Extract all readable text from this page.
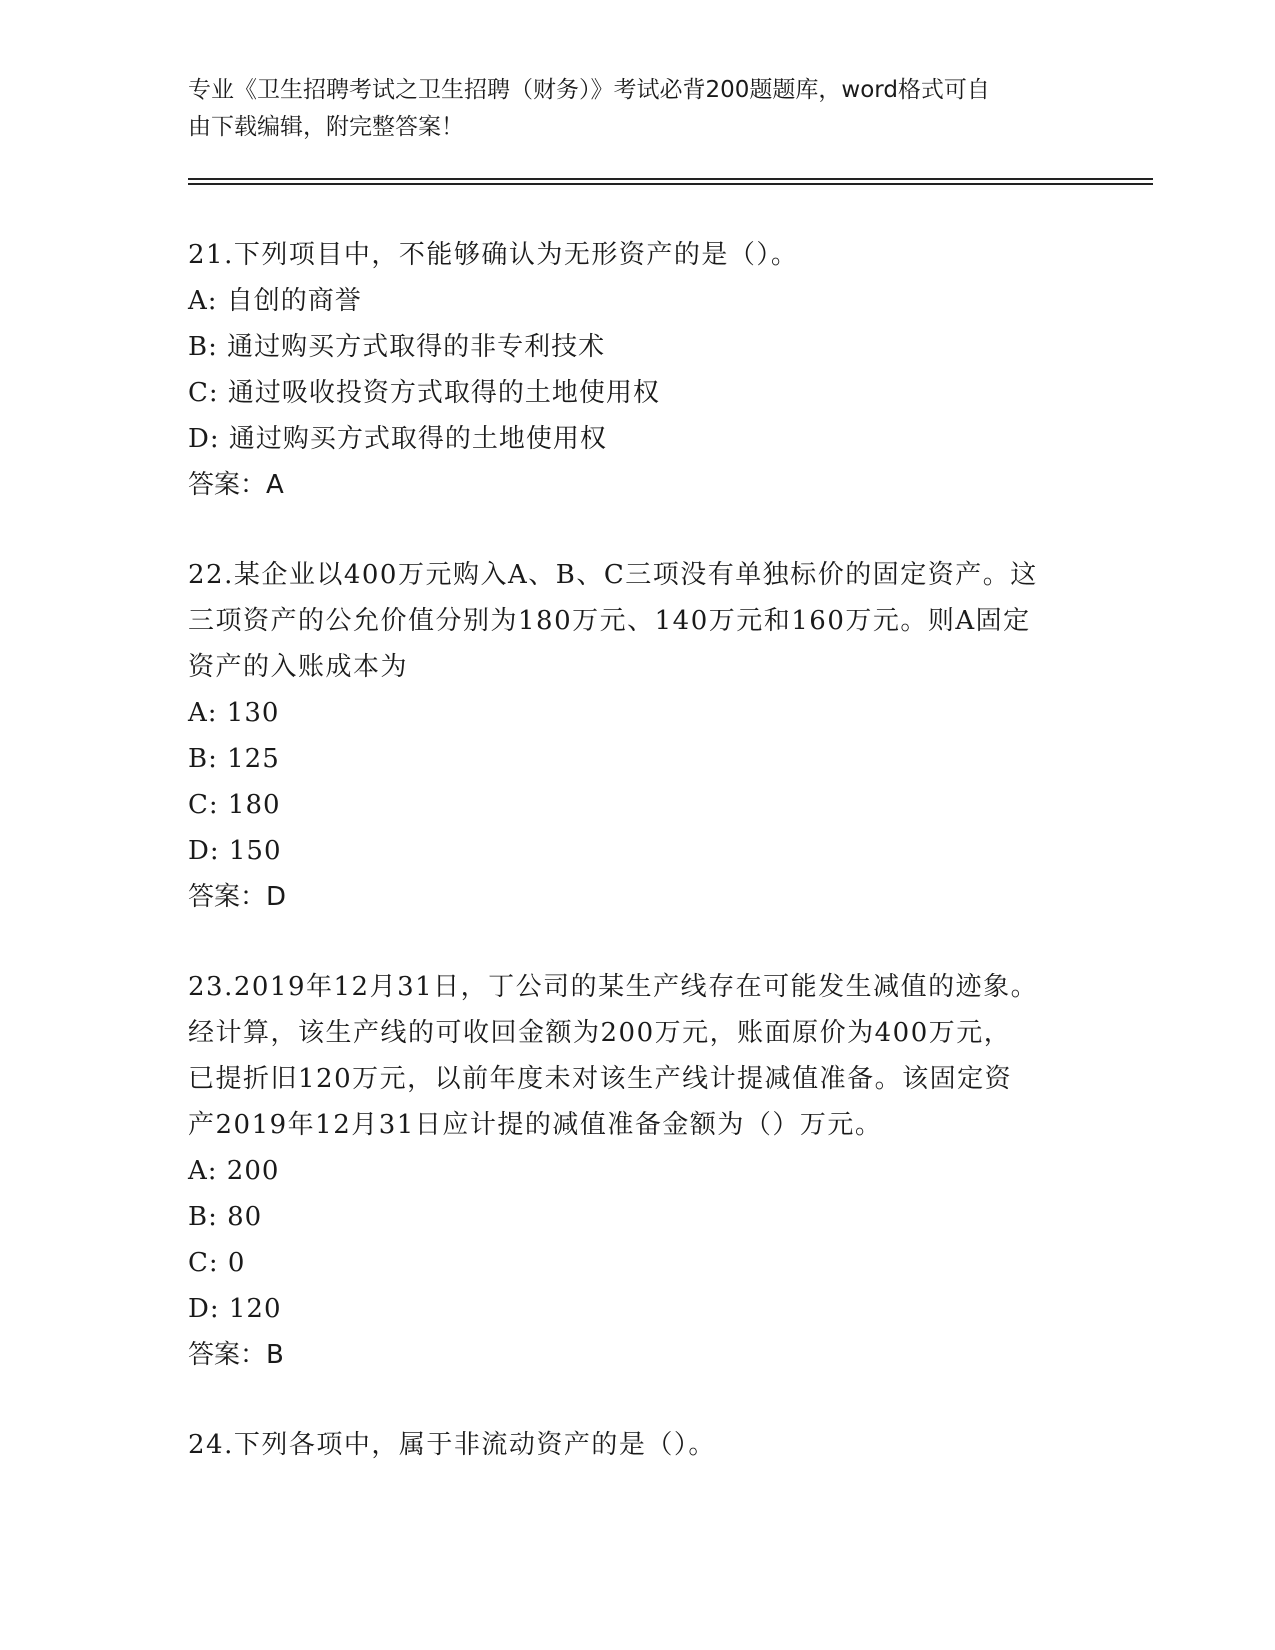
专业《卫生招聘考试之卫生招聘（财务）》考试必背200题题库，word格式可自
由下载编辑，附完整答案！
21.下列项目中，不能够确认为无形资产的是（）。
A: 自创的商誉
B: 通过购买方式取得的非专利技术
C: 通过吸收投资方式取得的土地使用权
D: 通过购买方式取得的土地使用权
答案：A
22.某企业以400万元购入A、B、C三项没有单独标价的固定资产。这
三项资产的公允价值分别为180万元、140万元和160万元。则A固定
资产的入账成本为
A: 130
B: 125
C: 180
D: 150
答案：D
23.2019年12月31日，丁公司的某生产线存在可能发生减值的迹象。
经计算，该生产线的可收回金额为200万元，账面原价为400万元，
已提折旧120万元，以前年度未对该生产线计提减值准备。该固定资
产2019年12月31日应计提的减值准备金额为（）万元。
A: 200
B: 80
C: 0
D: 120
答案：B
24.下列各项中，属于非流动资产的是（）。
